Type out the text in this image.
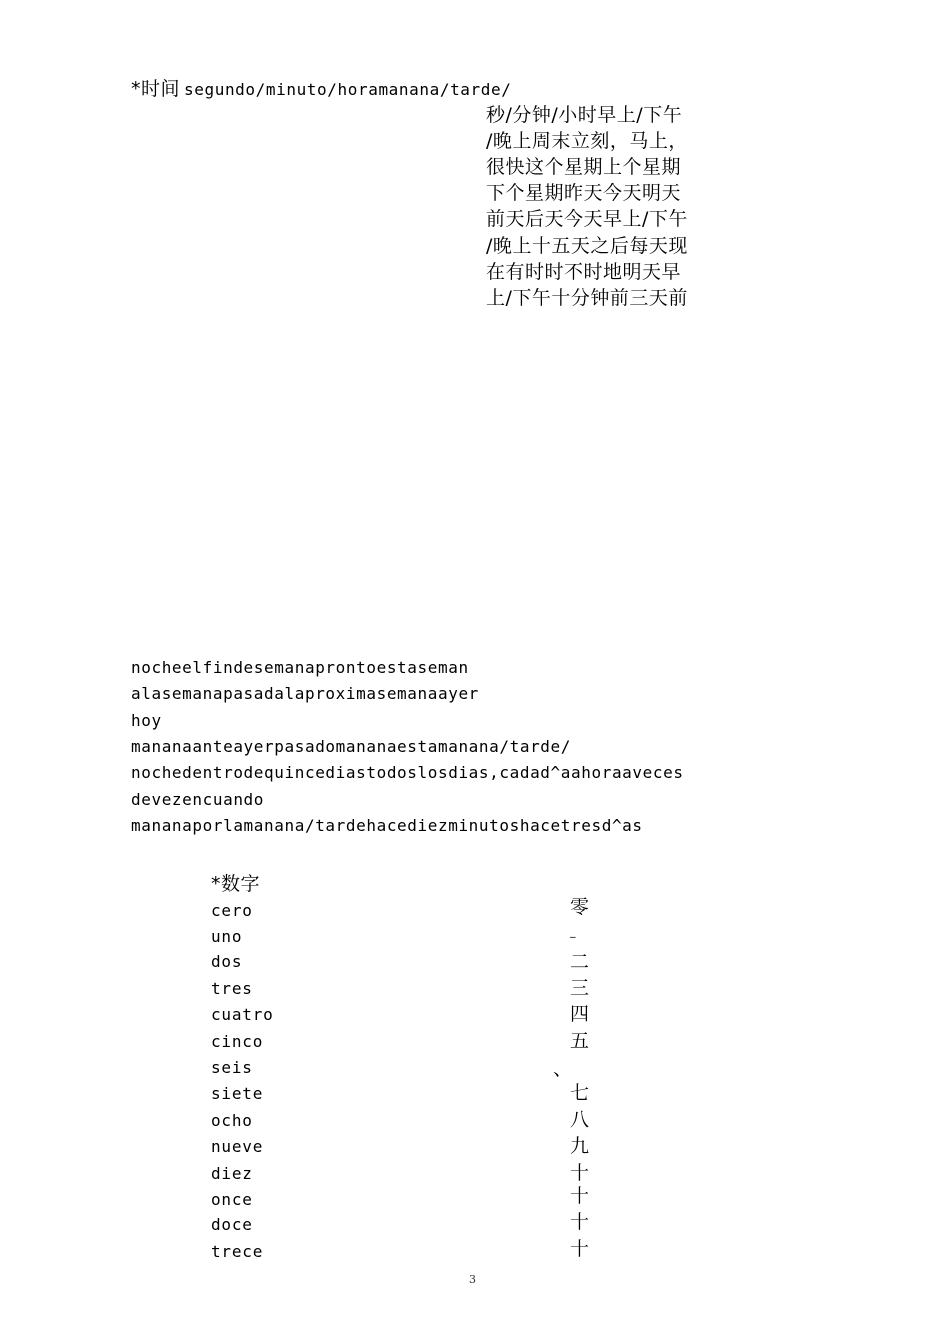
*时间 segundo/minuto/horamanana/tarde/
秒/分钟/小时早上/下午
/晚上周末立刻，马上，
很快这个星期上个星期
下个星期昨天今天明天
前天后天今天早上/下午
/晚上十五天之后每天现
在有时时不时地明天早
上/下午十分钟前三天前
nocheelfindesemanaprontoestaseman
alasemanapasadalaproximasemanaayer
hoy
mananaanteayerpasadomananaestamanana/tarde/
nochedentrodequincediastodoslosdias,cadad^aahoraaveces
devezencuando
mananaporlamanana/tardehacediezminutoshacetresd^as
*数字
cero	零
uno	_
dos	二
tres	三
cuatro	四
cinco	五
seis	、
siete	七
ocho	八
nueve	九
diez	十
once	十
doce	十
trece	十
3
